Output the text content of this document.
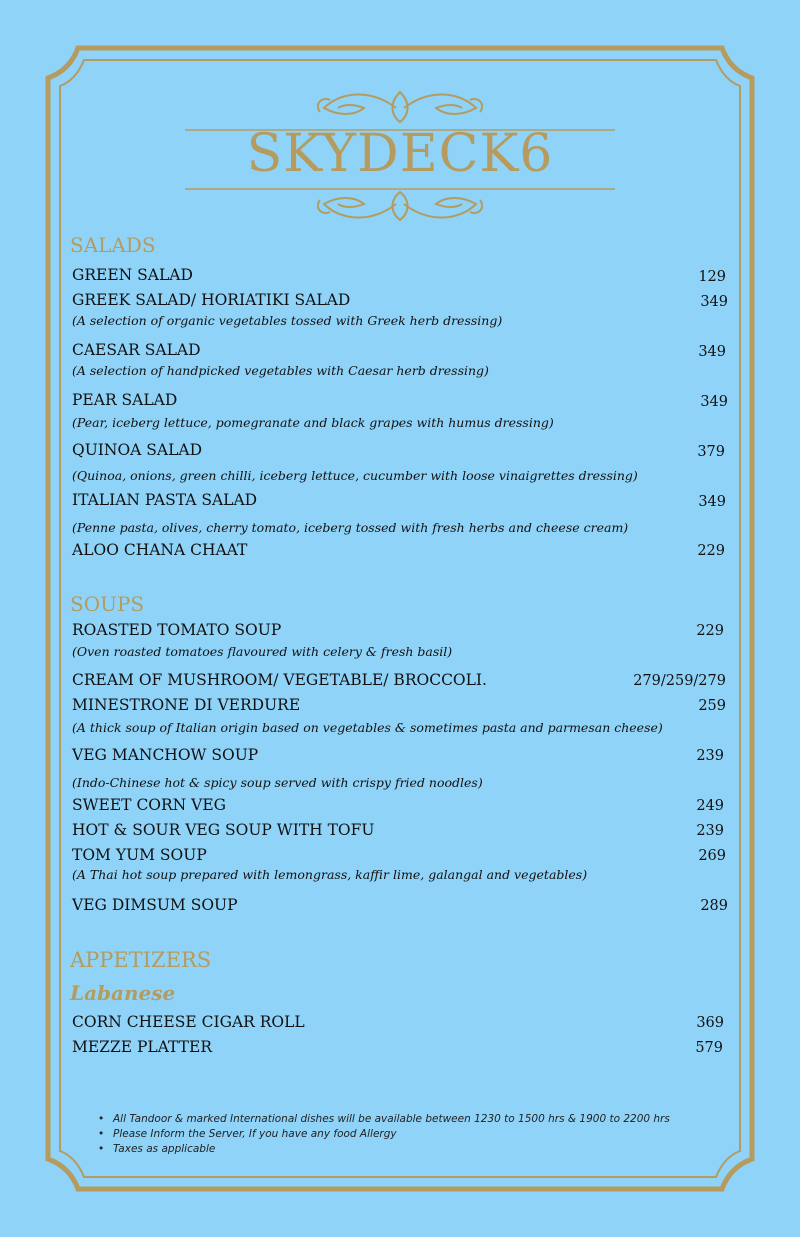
SKYDECK6
SALADS
GREEN SALAD	129
GREEK SALAD/ HORIATIKI SALAD	349
(A selection of organic vegetables tossed with Greek herb dressing)
CAESAR SALAD	349
(A selection of handpicked vegetables with Caesar herb dressing)
PEAR SALAD	349
(Pear, iceberg lettuce, pomegranate and black grapes with humus dressing)
QUINOA SALAD	379
(Quinoa, onions, green chilli, iceberg lettuce, cucumber with loose vinaigrettes dressing)
ITALIAN PASTA SALAD	349
(Penne pasta, olives, cherry tomato, iceberg tossed with fresh herbs and cheese cream)
ALOO CHANA CHAAT	229
SOUPS
ROASTED TOMATO SOUP	229
(Oven roasted tomatoes flavoured with celery & fresh basil)
CREAM OF MUSHROOM/ VEGETABLE/ BROCCOLI.	279/259/279
MINESTRONE DI VERDURE	259
(A thick soup of Italian origin based on vegetables & sometimes pasta and parmesan cheese)
VEG MANCHOW SOUP	239
(Indo-Chinese hot & spicy soup served with crispy fried noodles)
SWEET CORN VEG	249
HOT & SOUR VEG SOUP WITH TOFU	239
TOM YUM SOUP	269
(A Thai hot soup prepared with lemongrass, kaffir lime, galangal and vegetables)
VEG DIMSUM SOUP	289
APPETIZERS
Labanese
CORN CHEESE CIGAR ROLL	369
MEZZE PLATTER	579
• All Tandoor & marked International dishes will be available between 1230 to 1500 hrs & 1900 to 2200 hrs
• Please Inform the Server, If you have any food Allergy
• Taxes as applicable
